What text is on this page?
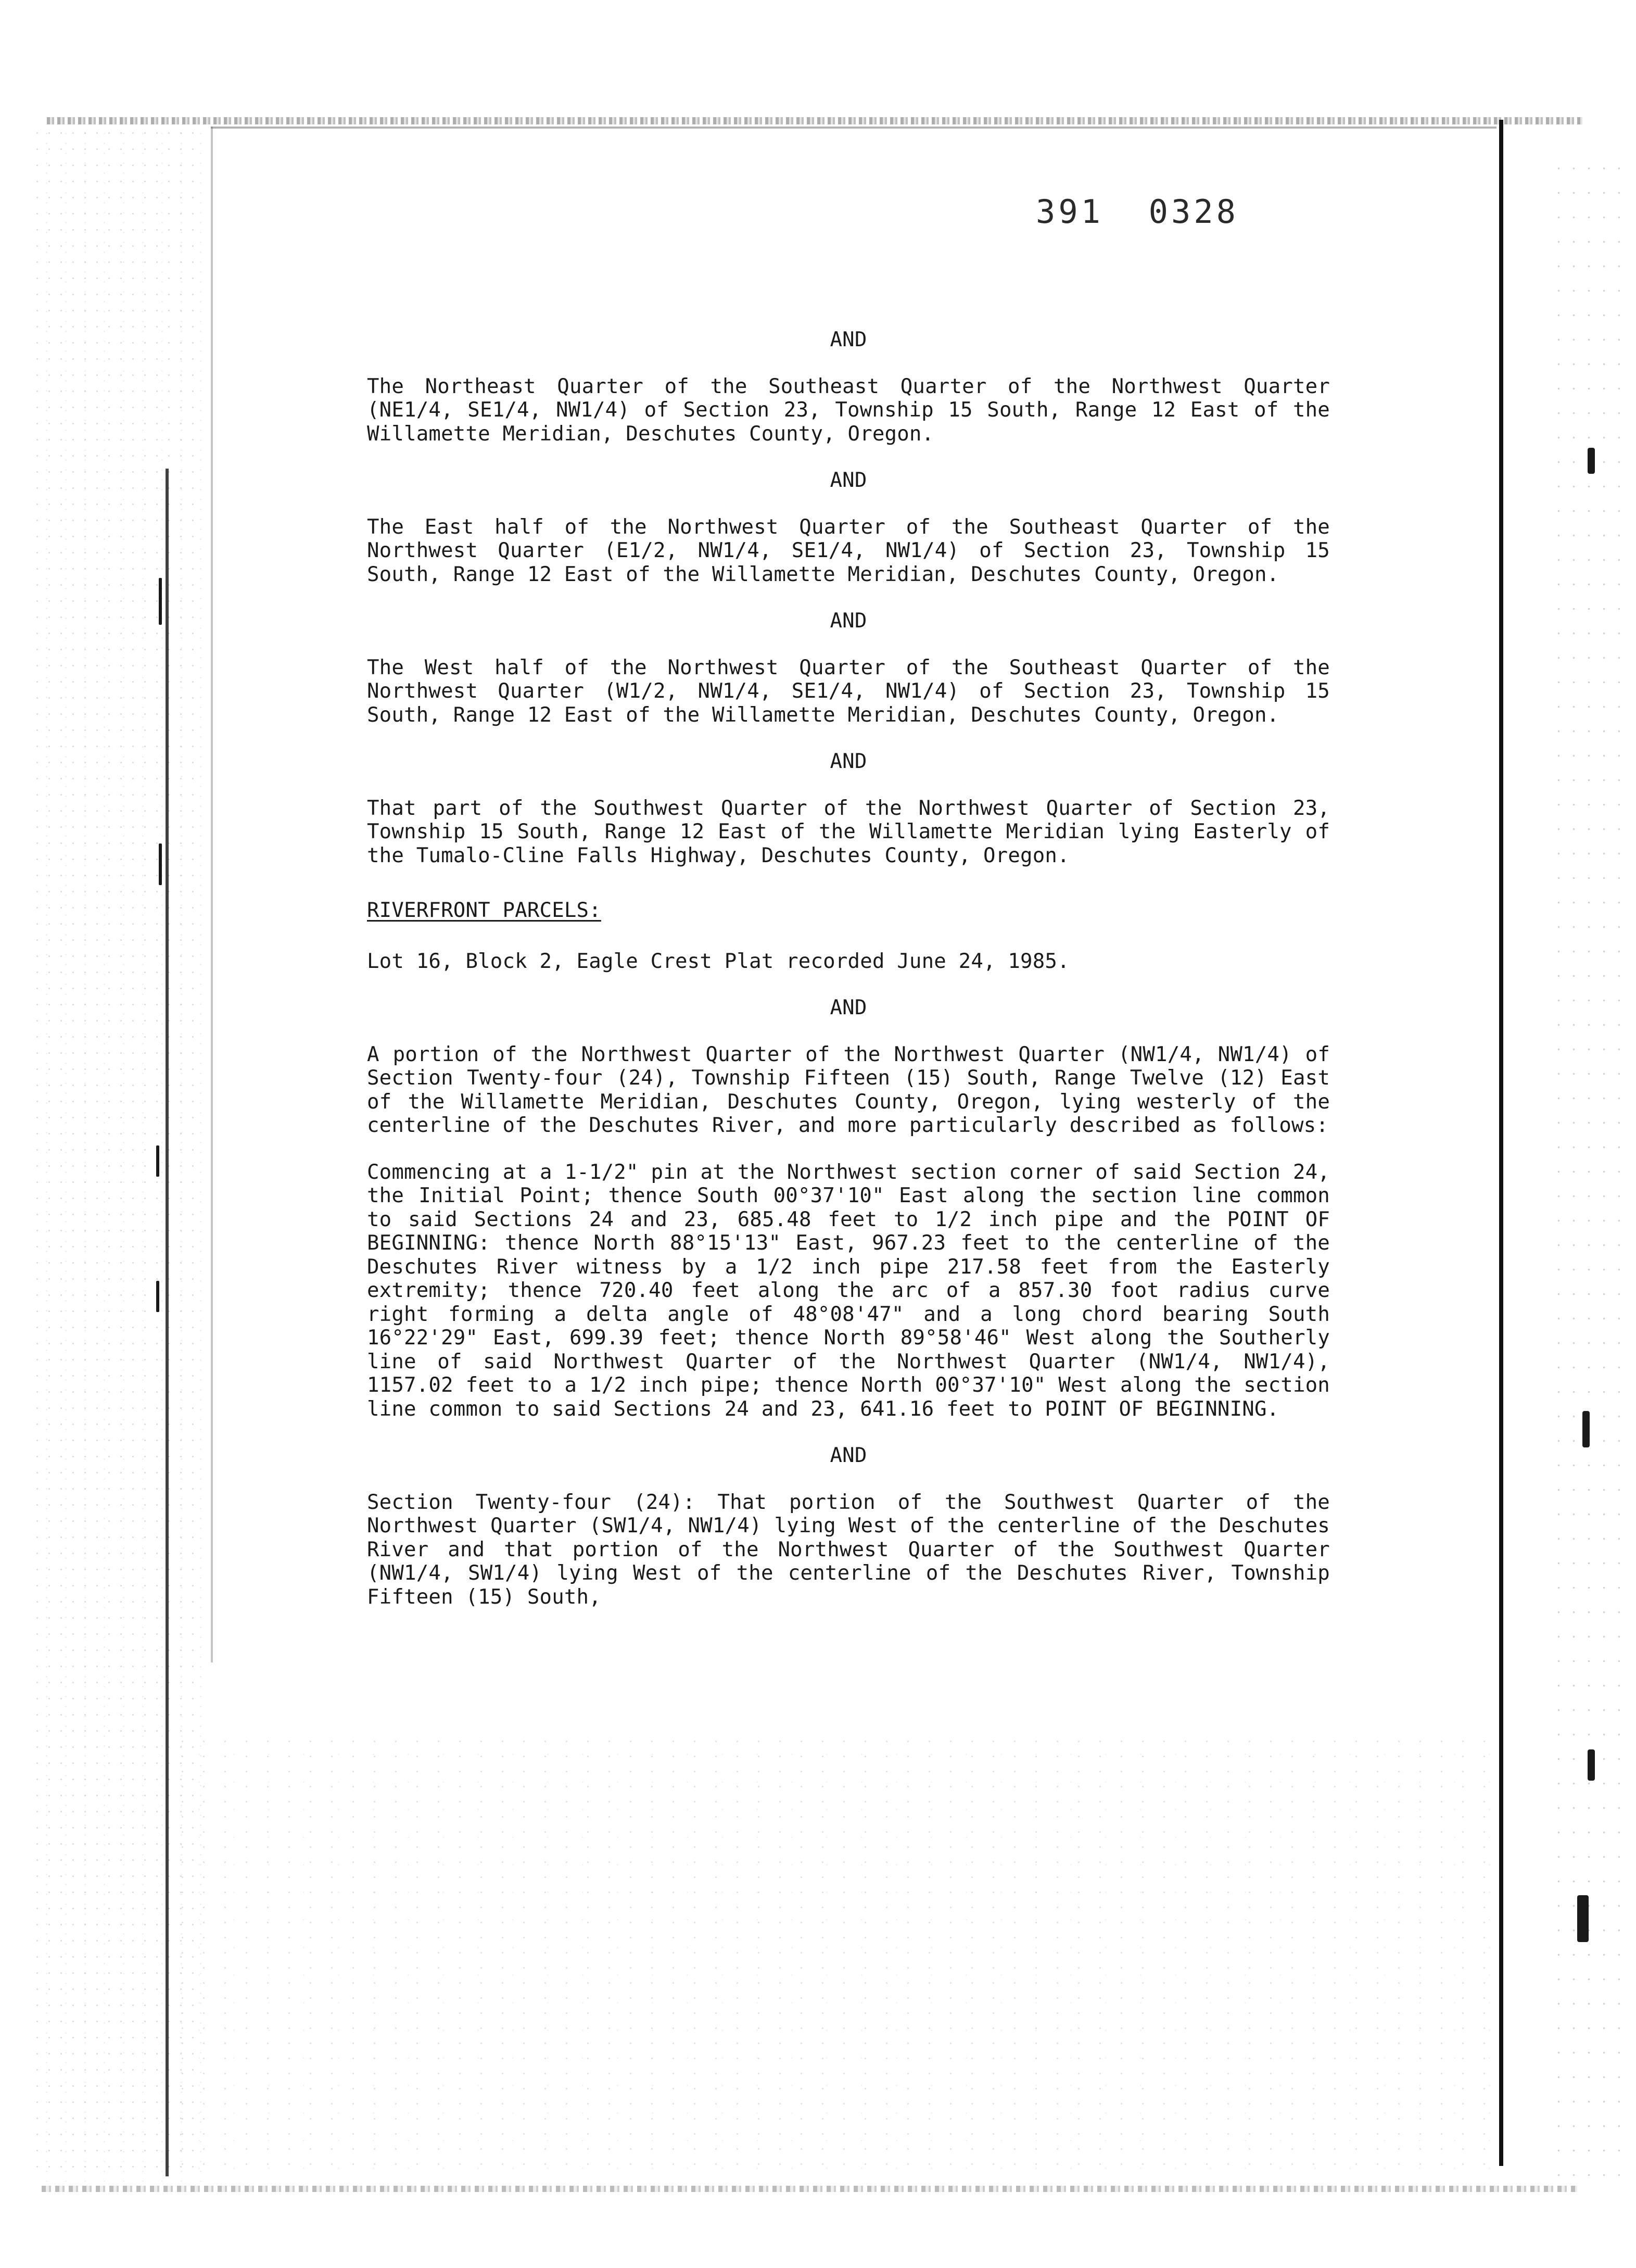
391  0328

AND

The Northeast Quarter of the Southeast Quarter of the Northwest Quarter (NE1/4, SE1/4, NW1/4) of Section 23, Township 15 South, Range 12 East of the Willamette Meridian, Deschutes County, Oregon.

AND

The East half of the Northwest Quarter of the Southeast Quarter of the Northwest Quarter (E1/2, NW1/4, SE1/4, NW1/4) of Section 23, Township 15 South, Range 12 East of the Willamette Meridian, Deschutes County, Oregon.

AND

The West half of the Northwest Quarter of the Southeast Quarter of the Northwest Quarter (W1/2, NW1/4, SE1/4, NW1/4) of Section 23, Township 15 South, Range 12 East of the Willamette Meridian, Deschutes County, Oregon.

AND

That part of the Southwest Quarter of the Northwest Quarter of Section 23, Township 15 South, Range 12 East of the Willamette Meridian lying Easterly of the Tumalo-Cline Falls Highway, Deschutes County, Oregon.

RIVERFRONT PARCELS:

Lot 16, Block 2, Eagle Crest Plat recorded June 24, 1985.

AND

A portion of the Northwest Quarter of the Northwest Quarter (NW1/4, NW1/4) of Section Twenty-four (24), Township Fifteen (15) South, Range Twelve (12) East of the Willamette Meridian, Deschutes County, Oregon, lying westerly of the centerline of the Deschutes River, and more particularly described as follows:

Commencing at a 1-1/2" pin at the Northwest section corner of said Section 24, the Initial Point; thence South 00°37'10" East along the section line common to said Sections 24 and 23, 685.48 feet to 1/2 inch pipe and the POINT OF BEGINNING: thence North 88°15'13" East, 967.23 feet to the centerline of the Deschutes River witness by a 1/2 inch pipe 217.58 feet from the Easterly extremity; thence 720.40 feet along the arc of a 857.30 foot radius curve right forming a delta angle of 48°08'47" and a long chord bearing South 16°22'29" East, 699.39 feet; thence North 89°58'46" West along the Southerly line of said Northwest Quarter of the Northwest Quarter (NW1/4, NW1/4), 1157.02 feet to a 1/2 inch pipe; thence North 00°37'10" West along the section line common to said Sections 24 and 23, 641.16 feet to POINT OF BEGINNING.

AND

Section Twenty-four (24): That portion of the Southwest Quarter of the Northwest Quarter (SW1/4, NW1/4) lying West of the centerline of the Deschutes River and that portion of the Northwest Quarter of the Southwest Quarter (NW1/4, SW1/4) lying West of the centerline of the Deschutes River, Township Fifteen (15) South,
